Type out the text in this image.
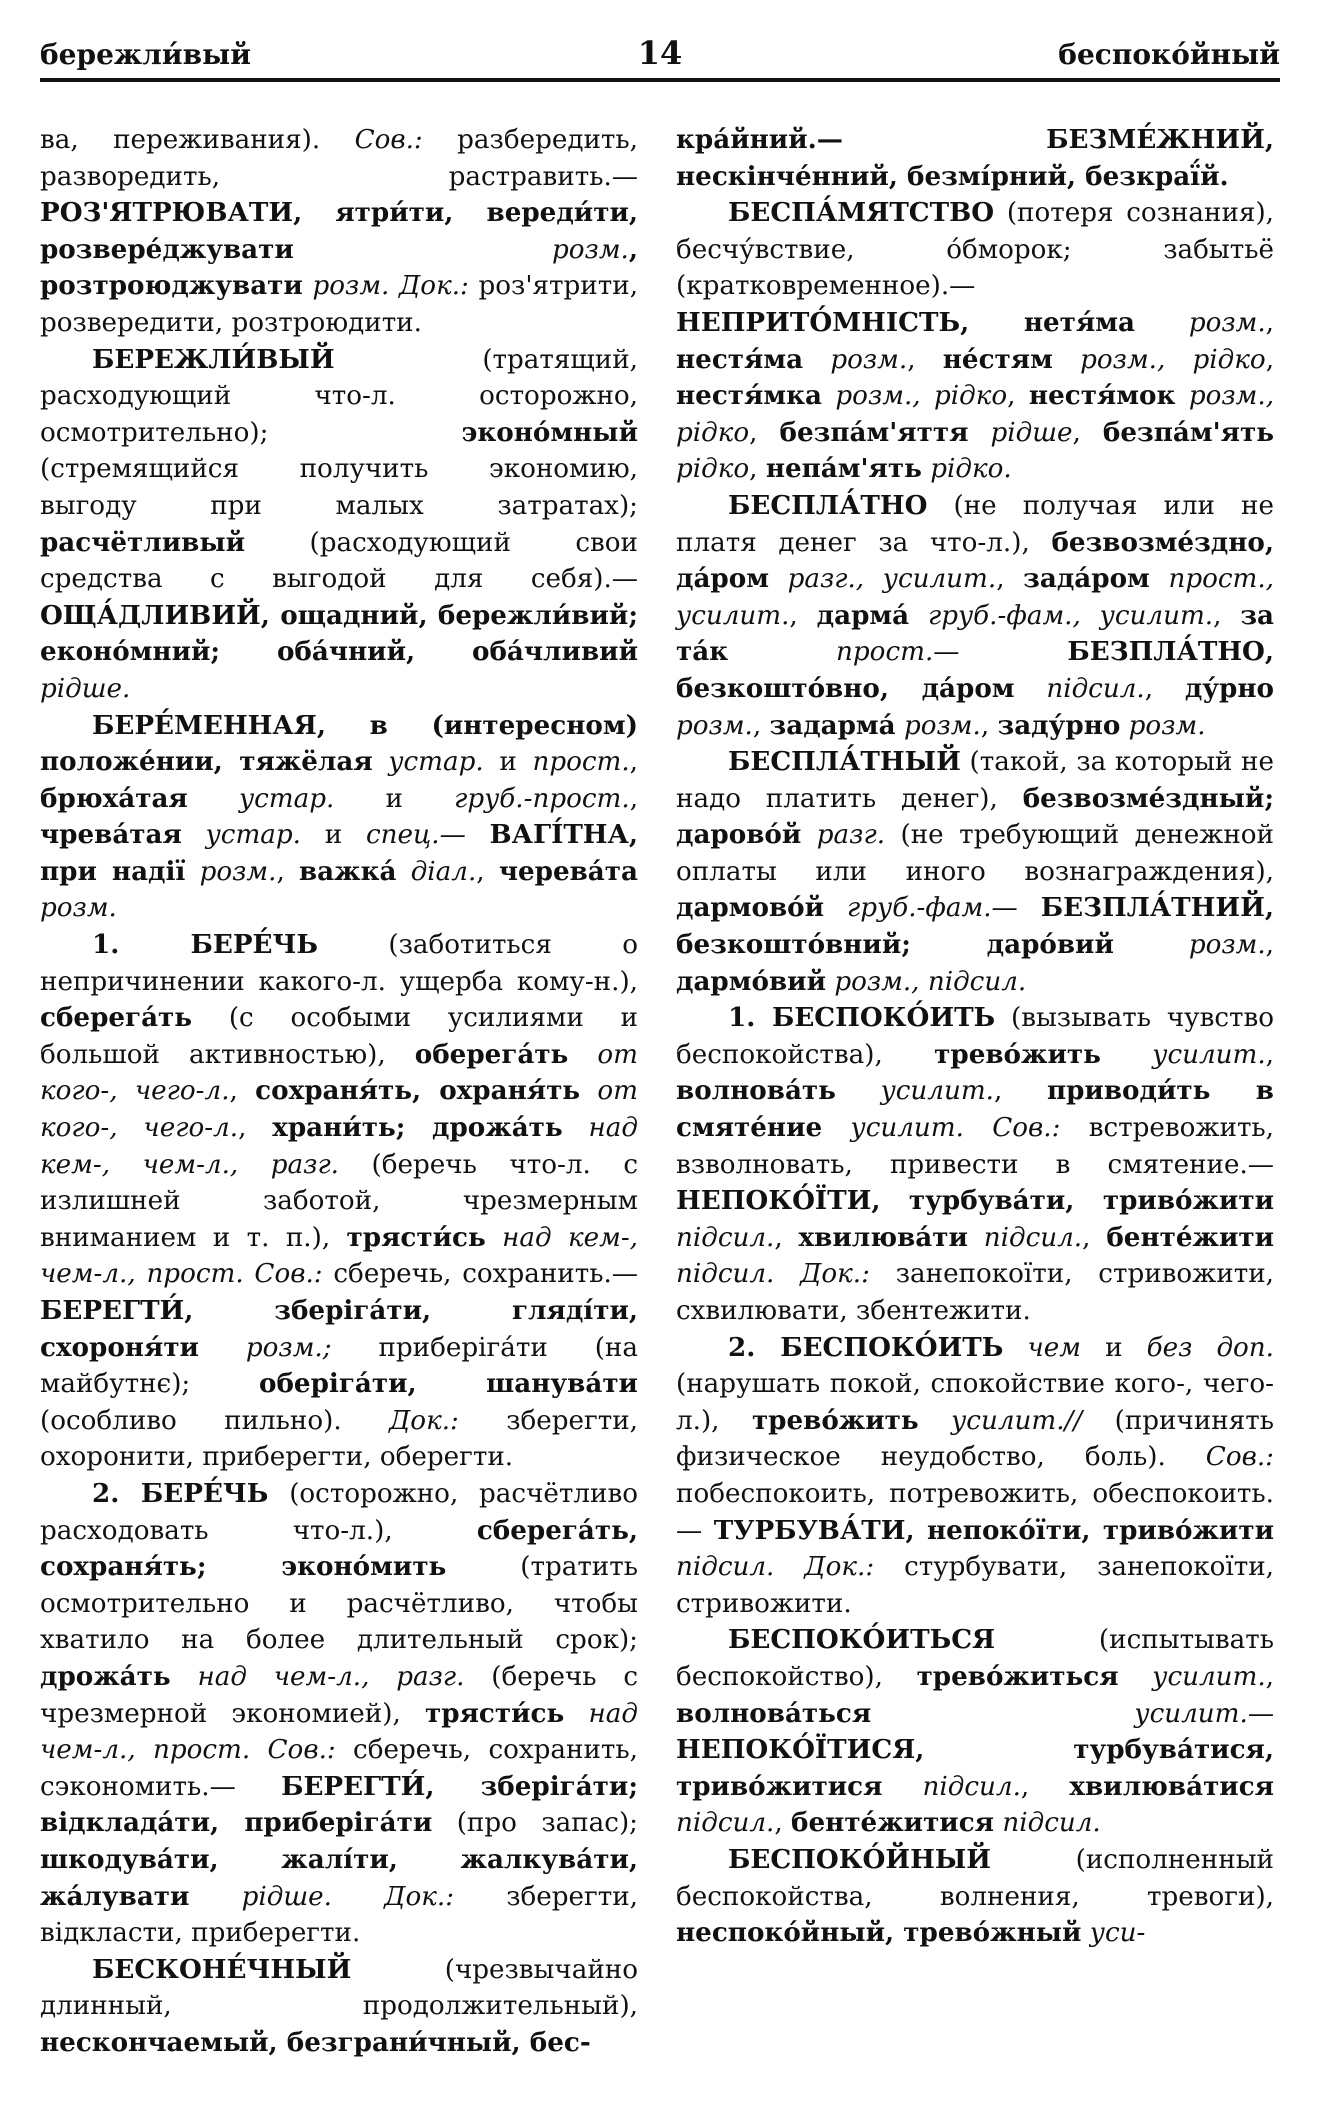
бережли́вый	14	беспоко́йный

ва, переживания). Сов.: разбередить, разворедить, растравить.— РОЗ'ЯТРЮВАТИ, ятри́ти, вереди́ти, розвере́джувати	розм., розтроюджувати розм. Док.: роз'ятрити, розвередити, розтроюдити.

БЕРЕЖЛИ́ВЫЙ (тратящий, расходующий что-л. осторожно, осмотрительно); эконо́мный (стремящийся получить экономию, выгоду при малых затратах); расчётливый (расходующий свои средства с выгодой для себя).— ОЩА́ДЛИВИЙ, ощадний, бережли́вий; еконо́мний; оба́чний, оба́чливий рідше.

БЕРЕ́МЕННАЯ, в (интересном) положе́нии, тяжёлая устар. и прост., брюха́тая устар. и груб.-прост., чрева́тая устар. и спец.— ВАГІ́ТНА, при надії розм., важка́ діал., черева́та розм.

1. БЕРЕ́ЧЬ (заботиться о непричинении какого-л. ущерба кому-н.), сберега́ть (с особыми усилиями и большой активностью), оберега́ть от кого-, чего-л., сохраня́ть, охраня́ть от кого-, чего-л., храни́ть; дрожа́ть над кем-, чем-л., разг. (беречь что-л. с излишней заботой, чрезмерным вниманием и т. п.), трясти́сь над кем-, чем-л., прост. Сов.: сберечь, сохранить.— БЕРЕГТИ́, зберіга́ти, гляді́ти, схороня́ти розм.; приберіга́ти (на майбутнє); оберіга́ти, шанува́ти (особливо пильно). Док.: зберегти, охоронити, приберегти, оберегти.

2. БЕРЕ́ЧЬ (осторожно, расчётливо расходовать что-л.), сберега́ть, сохраня́ть; эконо́мить (тратить осмотрительно и расчётливо, чтобы хватило на более длительный срок); дрожа́ть над чем-л., разг. (беречь с чрезмерной экономией), трясти́сь над чем-л., прост. Сов.: сберечь, сохранить, сэкономить.— БЕРЕГТИ́, зберіга́ти; відклада́ти, приберіга́ти (про запас); шкодува́ти, жалі́ти, жалкува́ти, жа́лувати рідше. Док.: зберегти, відкласти, приберегти.

БЕСКОНЕ́ЧНЫЙ (чрезвычайно длинный, продолжительный), нескончаемый, безграни́чный, бес-

кра́йний.— БЕЗМЕ́ЖНИЙ, нескінче́нний, безмі́рний, безкраї́й.

БЕСПА́МЯТСТВО (потеря сознания), бесчу́вствие, о́бморок; забытьё (кратковременное).— НЕПРИТО́МНІСТЬ, нетя́ма розм., нестя́ма розм., не́стям розм., рідко, нестя́мка розм., рідко, нестя́мок розм., рідко, безпа́м'яття рідше, безпа́м'ять рідко, непа́м'ять рідко.

БЕСПЛА́ТНО (не получая или не платя денег за что-л.), безвозме́здно, да́ром разг., усилит., зада́ром прост., усилит., дарма́ груб.-фам., усилит., за та́к	прост.— БЕЗПЛА́ТНО, безкошто́вно, да́ром підсил., ду́рно розм., задарма́ розм., заду́рно розм.

БЕСПЛА́ТНЫЙ (такой, за который не надо платить денег), безвозме́здный; дарово́й разг. (не требующий денежной оплаты или иного вознаграждения), дармово́й груб.-фам.— БЕЗПЛА́ТНИЙ, безкошто́вний; даро́вий	розм., дармо́вий розм., підсил.

1. БЕСПОКО́ИТЬ (вызывать чувство беспокойства), трево́жить усилит., волнова́ть усилит., приводи́ть в смяте́ние усилит. Сов.: встревожить, взволновать, привести в смятение.— НЕПОКО́ЇТИ, турбува́ти, триво́жити підсил., хвилюва́ти підсил., бенте́жити підсил. Док.: занепокоїти, стривожити, схвилювати, збентежити.

2. БЕСПОКО́ИТЬ чем и без доп. (нарушать покой, спокойствие кого-, чего-л.), трево́жить усилит.// (причинять физическое неудобство, боль). Сов.: побеспокоить, потревожить, обеспокоить.— ТУРБУВА́ТИ, непоко́їти, триво́жити підсил. Док.: стурбувати, занепокоїти, стривожити.

БЕСПОКО́ИТЬСЯ (испытывать беспокойство), трево́житься усилит., волнова́ться	усилит.— НЕПОКО́ЇТИСЯ, турбува́тися, триво́житися підсил., хвилюва́тися підсил., бенте́житися підсил.

БЕСПОКО́ЙНЫЙ (исполненный беспокойства, волнения, тревоги), неспоко́йный, трево́жный уси-
